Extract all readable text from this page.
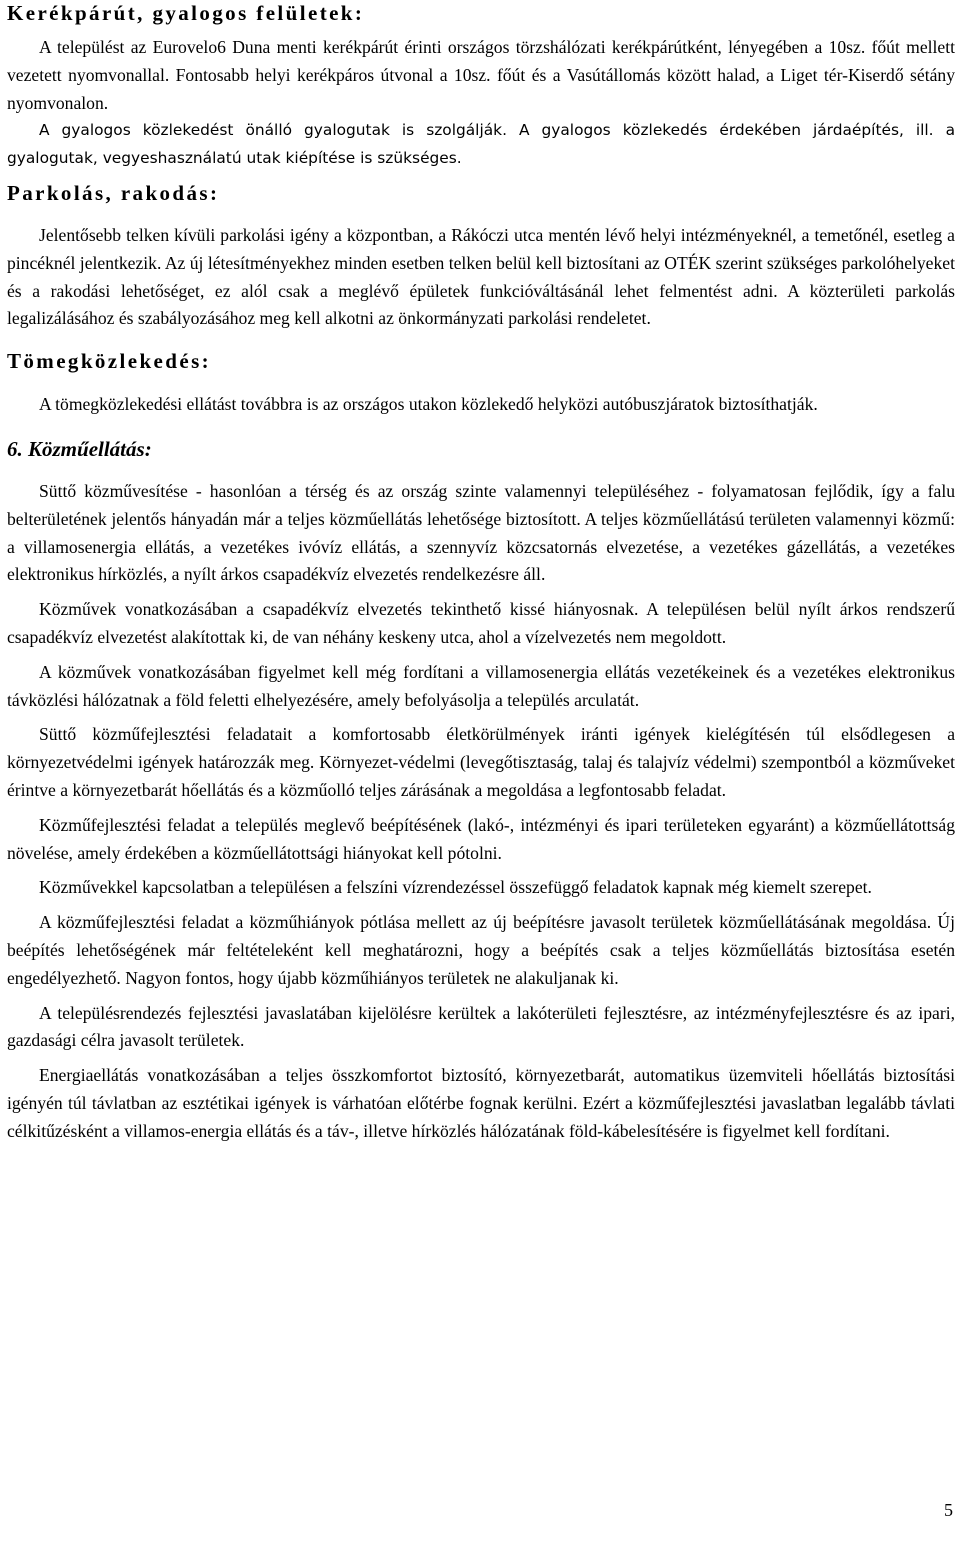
Kerékpárút, gyalogos felületek:

A települést az Eurovelo6 Duna menti kerékpárút érinti országos törzshálózati kerékpárútként, lényegében a 10sz. főút mellett vezetett nyomvonallal. Fontosabb helyi kerékpáros útvonal a 10sz. főút és a Vasútállomás között halad, a Liget tér-Kiserdő sétány nyomvonalon.

A gyalogos közlekedést önálló gyalogutak is szolgálják. A gyalogos közlekedés érdekében járdaépítés, ill. a gyalogutak, vegyeshasználatú utak kiépítése is szükséges.

Parkolás, rakodás:

Jelentősebb telken kívüli parkolási igény a központban, a Rákóczi utca mentén lévő helyi intézményeknél, a temetőnél, esetleg a pincéknél jelentkezik. Az új létesítményekhez minden esetben telken belül kell biztosítani az OTÉK szerint szükséges parkolóhelyeket és a rakodási lehetőséget, ez alól csak a meglévő épületek funkcióváltásánál lehet felmentést adni. A közterületi parkolás legalizálásához és szabályozásához meg kell alkotni az önkormányzati parkolási rendeletet.

Tömegközlekedés:

A tömegközlekedési ellátást továbbra is az országos utakon közlekedő helyközi autóbuszjáratok biztosíthatják.

6. Közműellátás:

Süttő közművesítése - hasonlóan a térség és az ország szinte valamennyi településéhez - folyamatosan fejlődik, így a falu belterületének jelentős hányadán már a teljes közműellátás lehetősége biztosított. A teljes közműellátású területen valamennyi közmű: a villamosenergia ellátás, a vezetékes ivóvíz ellátás, a szennyvíz közcsatornás elvezetése, a vezetékes gázellátás, a vezetékes elektronikus hírközlés, a nyílt árkos csapadékvíz elvezetés rendelkezésre áll.

Közművek vonatkozásában a csapadékvíz elvezetés tekinthető kissé hiányosnak. A településen belül nyílt árkos rendszerű csapadékvíz elvezetést alakítottak ki, de van néhány keskeny utca, ahol a vízelvezetés nem megoldott.

A közművek vonatkozásában figyelmet kell még fordítani a villamosenergia ellátás vezetékeinek és a vezetékes elektronikus távközlési hálózatnak a föld feletti elhelyezésére, amely befolyásolja a település arculatát.

Süttő közműfejlesztési feladatait a komfortosabb életkörülmények iránti igények kielégítésén túl elsődlegesen a környezetvédelmi igények határozzák meg. Környezet-védelmi (levegőtisztaság, talaj és talajvíz védelmi) szempontból a közműveket érintve a környezetbarát hőellátás és a közműolló teljes zárásának a megoldása a legfontosabb feladat.

Közműfejlesztési feladat a település meglevő beépítésének (lakó-, intézményi és ipari területeken egyaránt) a közműellátottság növelése, amely érdekében a közműellátottsági hiányokat kell pótolni.

Közművekkel kapcsolatban a településen a felszíni vízrendezéssel összefüggő feladatok kapnak még kiemelt szerepet.

A közműfejlesztési feladat a közműhiányok pótlása mellett az új beépítésre javasolt területek közműellátásának megoldása. Új beépítés lehetőségének már feltételeként kell meghatározni, hogy a beépítés csak a teljes közműellátás biztosítása esetén engedélyezhető. Nagyon fontos, hogy újabb közműhiányos területek ne alakuljanak ki.

A településrendezés fejlesztési javaslatában kijelölésre kerültek a lakóterületi fejlesztésre, az intézményfejlesztésre és az ipari, gazdasági célra javasolt területek.

Energiaellátás vonatkozásában a teljes összkomfortot biztosító, környezetbarát, automatikus üzemviteli hőellátás biztosítási igényén túl távlatban az esztétikai igények is várhatóan előtérbe fognak kerülni. Ezért a közműfejlesztési javaslatban legalább távlati célkitűzésként a villamos-energia ellátás és a táv-, illetve hírközlés hálózatának föld-kábelesítésére is figyelmet kell fordítani.

5
